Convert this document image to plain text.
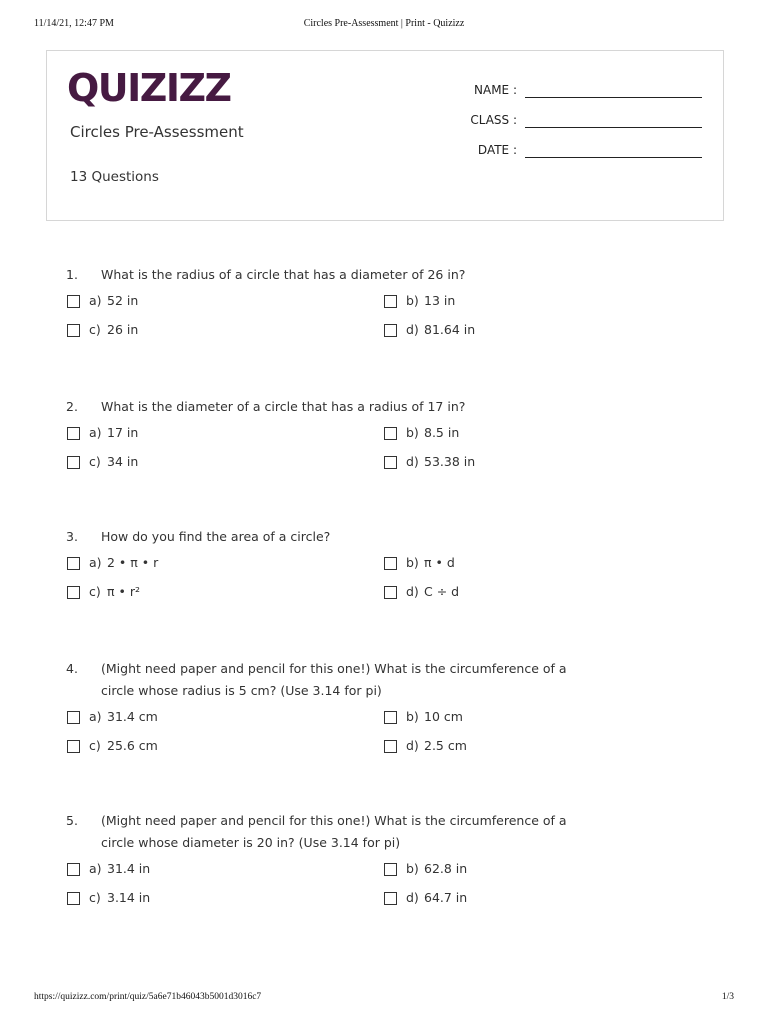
11/14/21, 12:47 PM	Circles Pre-Assessment | Print - Quizizz
QUIZIZZ
Circles Pre-Assessment
13 Questions
NAME :
CLASS :
DATE :
1. What is the radius of a circle that has a diameter of 26 in?
a) 52 in	b) 13 in
c) 26 in	d) 81.64 in
2. What is the diameter of a circle that has a radius of 17 in?
a) 17 in	b) 8.5 in
c) 34 in	d) 53.38 in
3. How do you find the area of a circle?
a) 2 • π • r	b) π • d
c) π • r²	d) C ÷ d
4. (Might need paper and pencil for this one!) What is the circumference of a circle whose radius is 5 cm? (Use 3.14 for pi)
a) 31.4 cm	b) 10 cm
c) 25.6 cm	d) 2.5 cm
5. (Might need paper and pencil for this one!) What is the circumference of a circle whose diameter is 20 in? (Use 3.14 for pi)
a) 31.4 in	b) 62.8 in
c) 3.14 in	d) 64.7 in
https://quizizz.com/print/quiz/5a6e71b46043b5001d3016c7	1/3
